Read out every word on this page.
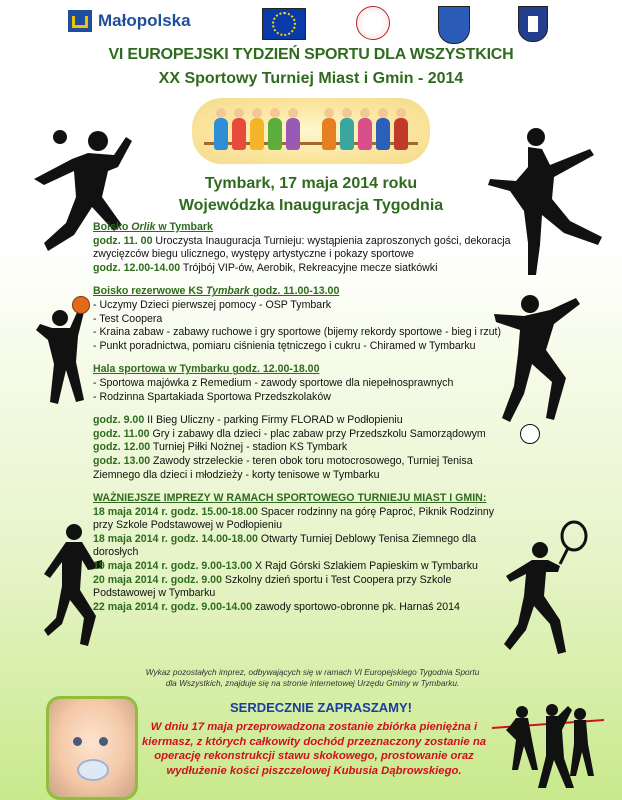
Małopolska
VI EUROPEJSKI TYDZIEŃ SPORTU DLA WSZYSTKICH
XX Sportowy Turniej Miast i Gmin - 2014
Tymbark, 17 maja 2014 roku
Wojewódzka Inauguracja Tygodnia

Boisko Orlik w Tymbark

godz. 11. 00 Uroczysta Inauguracja Turnieju: wystąpienia zaproszonych gości, dekoracja zwycięzców biegu ulicznego, występy artystyczne i pokazy sportowe

godz. 12.00-14.00 Trójbój VIP-ów, Aerobik, Rekreacyjne mecze siatkówki

Boisko rezerwowe KS Tymbark godz. 11.00-13.00

- Uczymy Dzieci pierwszej pomocy - OSP Tymbark

- Test Coopera

- Kraina zabaw - zabawy ruchowe i gry sportowe (bijemy rekordy sportowe - bieg i rzut)

- Punkt poradnictwa, pomiaru ciśnienia tętniczego i cukru - Chiramed w Tymbarku

Hala sportowa w Tymbarku godz. 12.00-18.00

- Sportowa majówka z Remedium - zawody sportowe dla niepełnosprawnych

- Rodzinna Spartakiada Sportowa Przedszkolaków

godz. 9.00 II Bieg Uliczny - parking Firmy FLORAD w Podłopieniu

godz. 11.00 Gry i zabawy dla dzieci - plac zabaw przy Przedszkolu Samorządowym

godz. 12.00 Turniej Piłki Nożnej - stadion KS Tymbark

godz. 13.00 Zawody strzeleckie - teren obok toru motocrosowego, Turniej Tenisa Ziemnego dla dzieci i młodzieży - korty tenisowe w Tymbarku

WAŻNIEJSZE IMPREZY W RAMACH SPORTOWEGO TURNIEJU MIAST I GMIN:

18 maja 2014 r. godz. 15.00-18.00 Spacer rodzinny na górę Paproć, Piknik Rodzinny przy Szkole Podstawowej w Podłopieniu

18 maja 2014 r. godz. 14.00-18.00 Otwarty Turniej Deblowy Tenisa Ziemnego dla dorosłych

19 maja 2014 r. godz. 9.00-13.00 X Rajd Górski Szlakiem Papieskim w Tymbarku

20 maja 2014 r. godz. 9.00 Szkolny dzień sportu i Test Coopera przy Szkole Podstawowej w Tymbarku

22 maja 2014 r. godz. 9.00-14.00 zawody sportowo-obronne pk. Harnaś 2014

Wykaz pozostałych imprez, odbywających się w ramach VI Europejskiego Tygodnia Sportu dla Wszystkich, znajduje się na stronie internetowej Urzędu Gminy w Tymbarku.
SERDECZNIE ZAPRASZAMY!
W dniu 17 maja przeprowadzona zostanie zbiórka pieniężna i kiermasz, z których całkowity dochód przeznaczony zostanie na operację rekonstrukcji stawu skokowego, prostowanie oraz wydłużenie kości piszczelowej Kubusia Dąbrowskiego.
